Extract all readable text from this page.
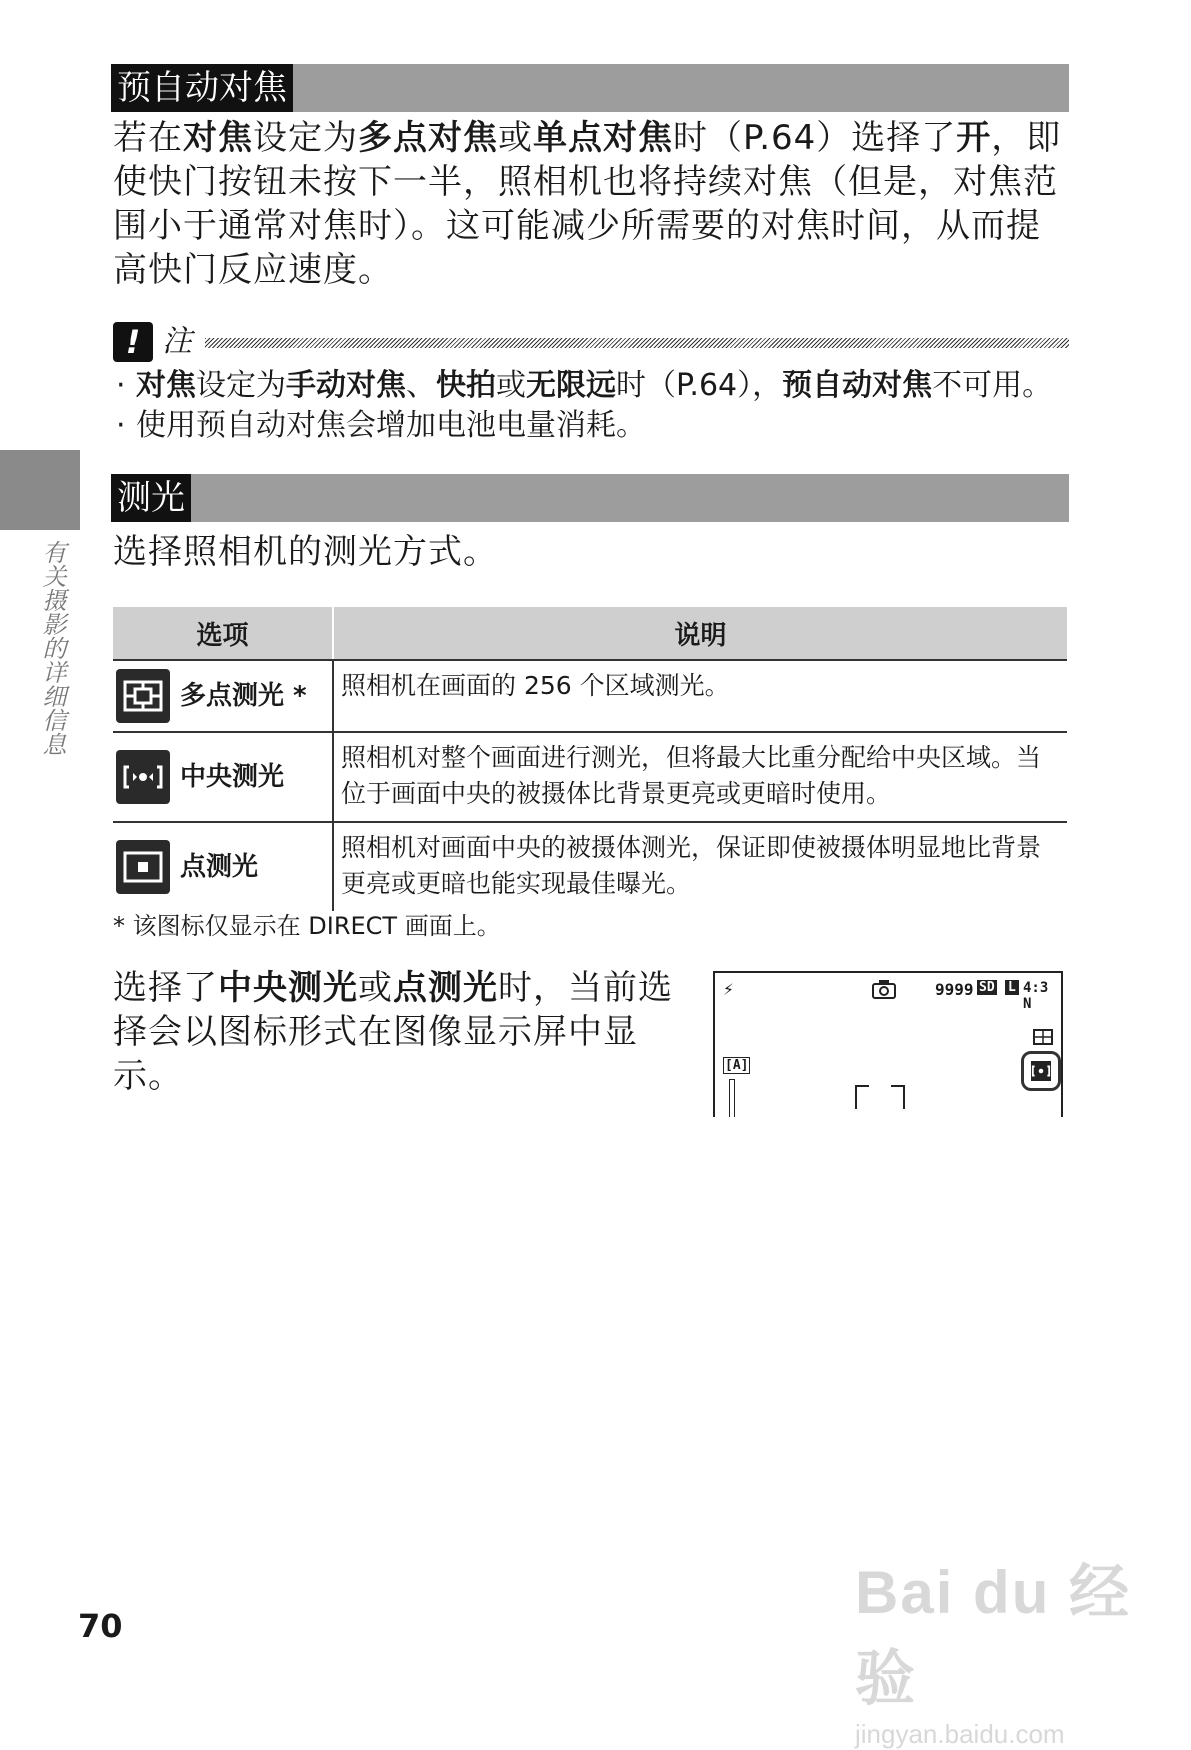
预自动对焦
若在对焦设定为多点对焦或单点对焦时（P.64）选择了开，即使快门按钮未按下一半，照相机也将持续对焦（但是，对焦范围小于通常对焦时）。这可能减少所需要的对焦时间，从而提高快门反应速度。
! 注
· 对焦设定为手动对焦、快拍或无限远时（P.64），预自动对焦不可用。
· 使用预自动对焦会增加电池电量消耗。
有关摄影的详细信息
测光
选择照相机的测光方式。
选项	说明

多点测光 *	照相机在画面的 256 个区域测光。

中央测光	照相机对整个画面进行测光，但将最大比重分配给中央区域。当位于画面中央的被摄体比背景更亮或更暗时使用。

点测光	照相机对画面中央的被摄体测光，保证即使被摄体明显地比背景更亮或更暗也能实现最佳曝光。
* 该图标仅显示在 DIRECT 画面上。
选择了中央测光或点测光时，当前选择会以图标形式在图像显示屏中显示。
⚡	9999 SD L 4:3 N
[A]
70	Bai du 经验
jingyan.baidu.com
